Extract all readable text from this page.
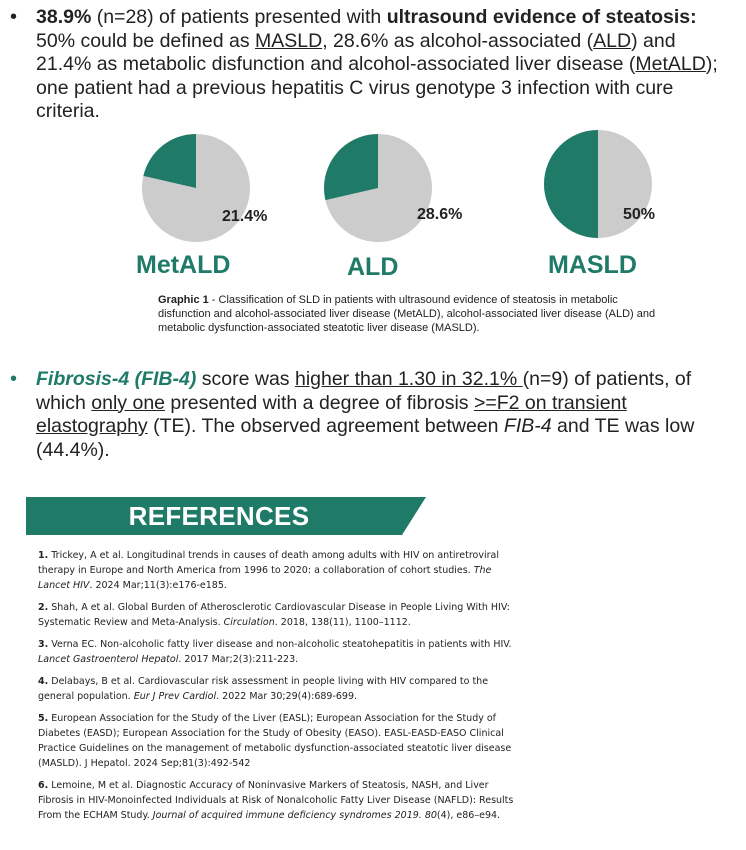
• 38.9% (n=28) of patients presented with ultrasound evidence of steatosis: 50% could be defined as MASLD, 28.6% as alcohol-associated (ALD) and 21.4% as metabolic disfunction and alcohol-associated liver disease (MetALD); one patient had a previous hepatitis C virus genotype 3 infection with cure criteria.
21.4%	28.6%	50%
MetALD	ALD	MASLD
Graphic 1 - Classification of SLD in patients with ultrasound evidence of steatosis in metabolic disfunction and alcohol-associated liver disease (MetALD), alcohol-associated liver disease (ALD) and metabolic dysfunction-associated steatotic liver disease (MASLD).
• Fibrosis-4 (FIB-4) score was higher than 1.30 in 32.1% (n=9) of patients, of which only one presented with a degree of fibrosis >=F2 on transient elastography (TE). The observed agreement between FIB-4 and TE was low (44.4%).
REFERENCES
1. Trickey, A et al. Longitudinal trends in causes of death among adults with HIV on antiretroviral therapy in Europe and North America from 1996 to 2020: a collaboration of cohort studies. The Lancet HIV. 2024 Mar;11(3):e176-e185.
2. Shah, A et al. Global Burden of Atherosclerotic Cardiovascular Disease in People Living With HIV: Systematic Review and Meta-Analysis. Circulation. 2018, 138(11), 1100–1112.
3. Verna EC. Non-alcoholic fatty liver disease and non-alcoholic steatohepatitis in patients with HIV. Lancet Gastroenterol Hepatol. 2017 Mar;2(3):211-223.
4. Delabays, B et al. Cardiovascular risk assessment in people living with HIV compared to the general population. Eur J Prev Cardiol. 2022 Mar 30;29(4):689-699.
5. European Association for the Study of the Liver (EASL); European Association for the Study of Diabetes (EASD); European Association for the Study of Obesity (EASO). EASL-EASD-EASO Clinical Practice Guidelines on the management of metabolic dysfunction-associated steatotic liver disease (MASLD). J Hepatol. 2024 Sep;81(3):492-542
6. Lemoine, M et al. Diagnostic Accuracy of Noninvasive Markers of Steatosis, NASH, and Liver Fibrosis in HIV-Monoinfected Individuals at Risk of Nonalcoholic Fatty Liver Disease (NAFLD): Results From the ECHAM Study. Journal of acquired immune deficiency syndromes 2019. 80(4), e86–e94.
